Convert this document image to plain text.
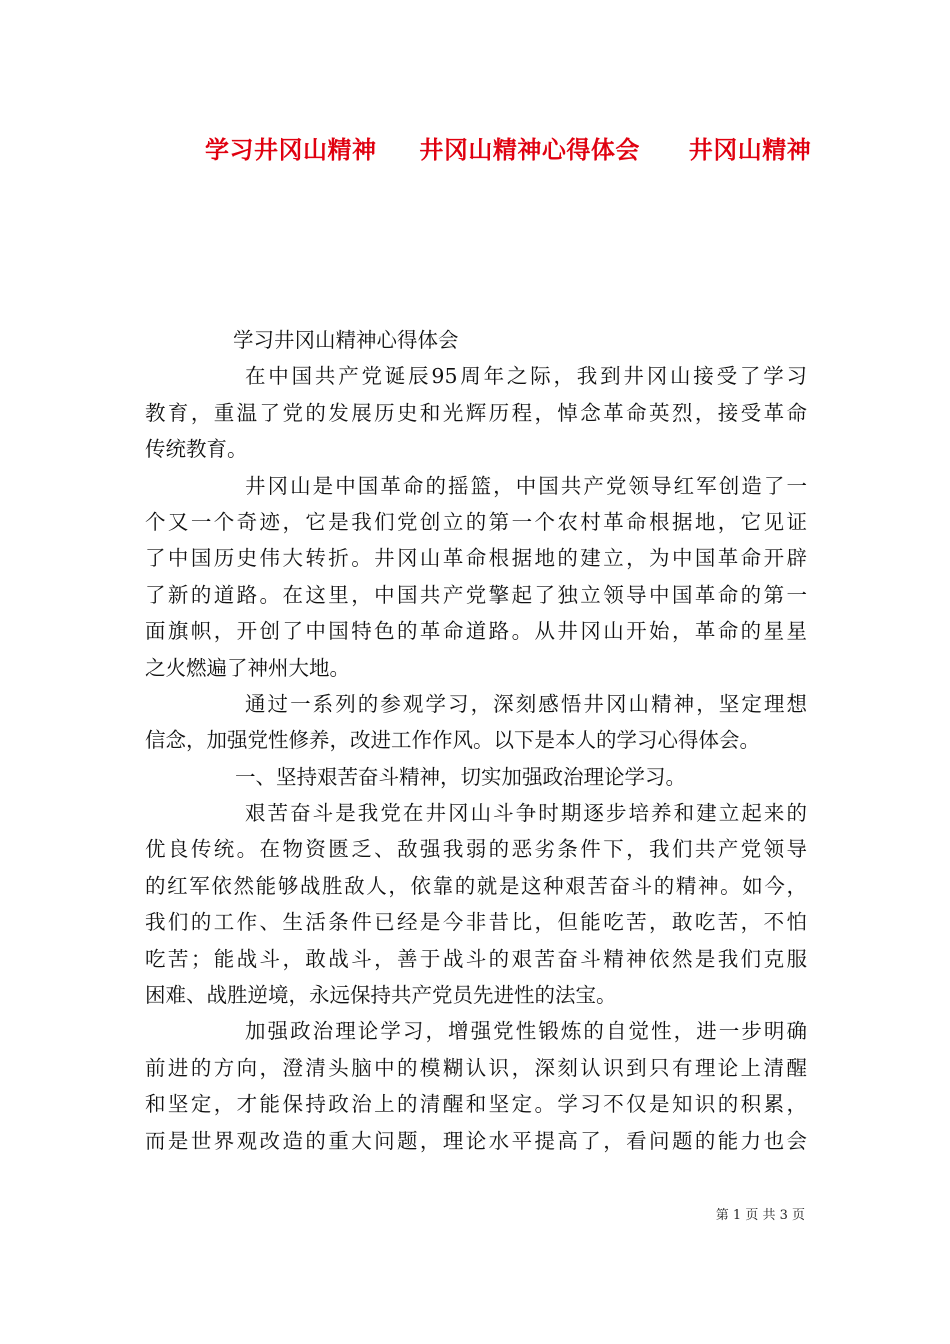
学习井冈山精神 井冈山精神心得体会 井冈山精神
学习井冈山精神心得体会
在中国共产党诞辰95周年之际，我到井冈山接受了学习
教育，重温了党的发展历史和光辉历程，悼念革命英烈，接受革命
传统教育。
井冈山是中国革命的摇篮，中国共产党领导红军创造了一
个又一个奇迹，它是我们党创立的第一个农村革命根据地，它见证
了中国历史伟大转折。井冈山革命根据地的建立，为中国革命开辟
了新的道路。在这里，中国共产党擎起了独立领导中国革命的第一
面旗帜，开创了中国特色的革命道路。从井冈山开始，革命的星星
之火燃遍了神州大地。
通过一系列的参观学习，深刻感悟井冈山精神，坚定理想
信念，加强党性修养，改进工作作风。以下是本人的学习心得体会。
一、坚持艰苦奋斗精神，切实加强政治理论学习。
艰苦奋斗是我党在井冈山斗争时期逐步培养和建立起来的
优良传统。在物资匮乏、敌强我弱的恶劣条件下，我们共产党领导
的红军依然能够战胜敌人，依靠的就是这种艰苦奋斗的精神。如今，
我们的工作、生活条件已经是今非昔比，但能吃苦，敢吃苦，不怕
吃苦；能战斗，敢战斗，善于战斗的艰苦奋斗精神依然是我们克服
困难、战胜逆境，永远保持共产党员先进性的法宝。
加强政治理论学习，增强党性锻炼的自觉性，进一步明确
前进的方向，澄清头脑中的模糊认识，深刻认识到只有理论上清醒
和坚定，才能保持政治上的清醒和坚定。学习不仅是知识的积累，
而是世界观改造的重大问题，理论水平提高了，看问题的能力也会
第 1 页 共 3 页
